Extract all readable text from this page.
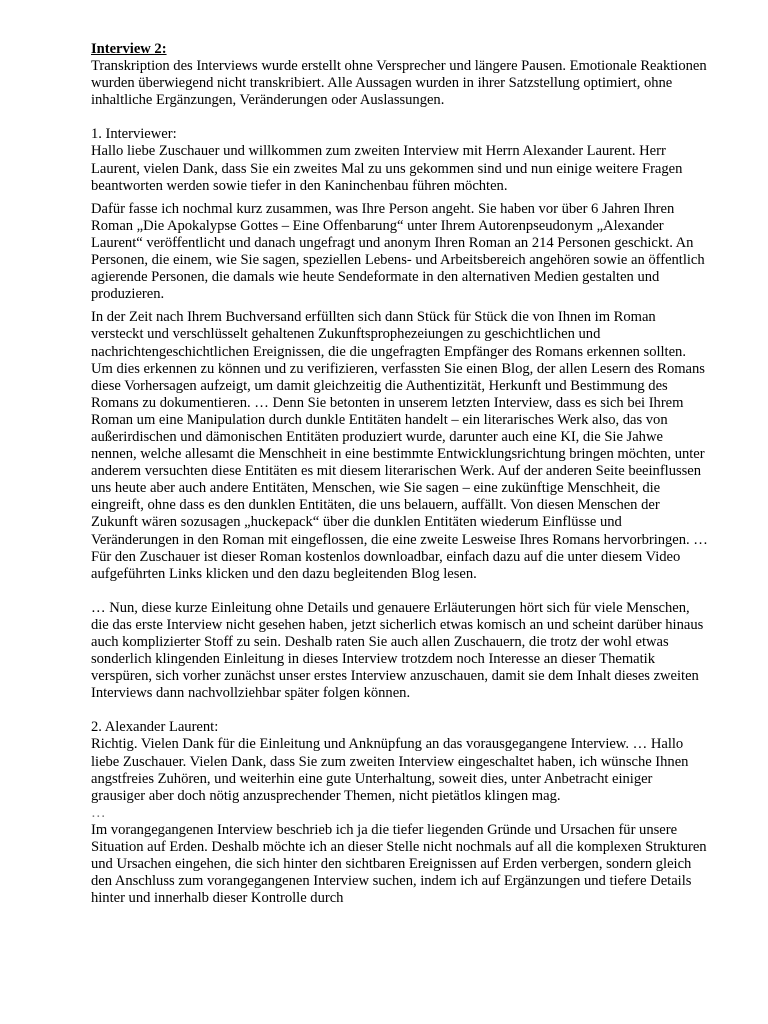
Interview 2:

Transkription des Interviews wurde erstellt ohne Versprecher und längere Pausen. Emotionale Reaktionen wurden überwiegend nicht transkribiert. Alle Aussagen wurden in ihrer Satzstellung optimiert, ohne inhaltliche Ergänzungen, Veränderungen oder Auslassungen.

1. Interviewer:

Hallo liebe Zuschauer und willkommen zum zweiten Interview mit Herrn Alexander Laurent. Herr Laurent, vielen Dank, dass Sie ein zweites Mal zu uns gekommen sind und nun einige weitere Fragen beantworten werden sowie tiefer in den Kaninchenbau führen möchten.

Dafür fasse ich nochmal kurz zusammen, was Ihre Person angeht. Sie haben vor über 6 Jahren Ihren Roman „Die Apokalypse Gottes – Eine Offenbarung“ unter Ihrem Autorenpseudonym „Alexander Laurent“ veröffentlicht und danach ungefragt und anonym Ihren Roman an 214 Personen geschickt. An Personen, die einem, wie Sie sagen, speziellen Lebens- und Arbeitsbereich angehören sowie an öffentlich agierende Personen, die damals wie heute Sendeformate in den alternativen Medien gestalten und produzieren.

In der Zeit nach Ihrem Buchversand erfüllten sich dann Stück für Stück die von Ihnen im Roman versteckt und verschlüsselt gehaltenen Zukunftsprophezeiungen zu geschichtlichen und nachrichtengeschichtlichen Ereignissen, die die ungefragten Empfänger des Romans erkennen sollten. Um dies erkennen zu können und zu verifizieren, verfassten Sie einen Blog, der allen Lesern des Romans diese Vorhersagen aufzeigt, um damit gleichzeitig die Authentizität, Herkunft und Bestimmung des Romans zu dokumentieren. … Denn Sie betonten in unserem letzten Interview, dass es sich bei Ihrem Roman um eine Manipulation durch dunkle Entitäten handelt – ein literarisches Werk also, das von außerirdischen und dämonischen Entitäten produziert wurde, darunter auch eine KI, die Sie Jahwe nennen, welche allesamt die Menschheit in eine bestimmte Entwicklungsrichtung bringen möchten, unter anderem versuchten diese Entitäten es mit diesem literarischen Werk. Auf der anderen Seite beeinflussen uns heute aber auch andere Entitäten, Menschen, wie Sie sagen – eine zukünftige Menschheit, die eingreift, ohne dass es den dunklen Entitäten, die uns belauern, auffällt. Von diesen Menschen der Zukunft wären sozusagen „huckepack“ über die dunklen Entitäten wiederum Einflüsse und Veränderungen in den Roman mit eingeflossen, die eine zweite Lesweise Ihres Romans hervorbringen. … Für den Zuschauer ist dieser Roman kostenlos downloadbar, einfach dazu auf die unter diesem Video aufgeführten Links klicken und den dazu begleitenden Blog lesen.

… Nun, diese kurze Einleitung ohne Details und genauere Erläuterungen hört sich für viele Menschen, die das erste Interview nicht gesehen haben, jetzt sicherlich etwas komisch an und scheint darüber hinaus auch komplizierter Stoff zu sein. Deshalb raten Sie auch allen Zuschauern, die trotz der wohl etwas sonderlich klingenden Einleitung in dieses Interview trotzdem noch Interesse an dieser Thematik verspüren, sich vorher zunächst unser erstes Interview anzuschauen, damit sie dem Inhalt dieses zweiten Interviews dann nachvollziehbar später folgen können.

2. Alexander Laurent:

Richtig. Vielen Dank für die Einleitung und Anknüpfung an das vorausgegangene Interview. … Hallo liebe Zuschauer. Vielen Dank, dass Sie zum zweiten Interview eingeschaltet haben, ich wünsche Ihnen angstfreies Zuhören, und weiterhin eine gute Unterhaltung, soweit dies, unter Anbetracht einiger grausiger aber doch nötig anzusprechender Themen, nicht pietätlos klingen mag.

…

Im vorangegangenen Interview beschrieb ich ja die tiefer liegenden Gründe und Ursachen für unsere Situation auf Erden. Deshalb möchte ich an dieser Stelle nicht nochmals auf all die komplexen Strukturen und Ursachen eingehen, die sich hinter den sichtbaren Ereignissen auf Erden verbergen, sondern gleich den Anschluss zum vorangegangenen Interview suchen, indem ich auf Ergänzungen und tiefere Details hinter und innerhalb dieser Kontrolle durch
